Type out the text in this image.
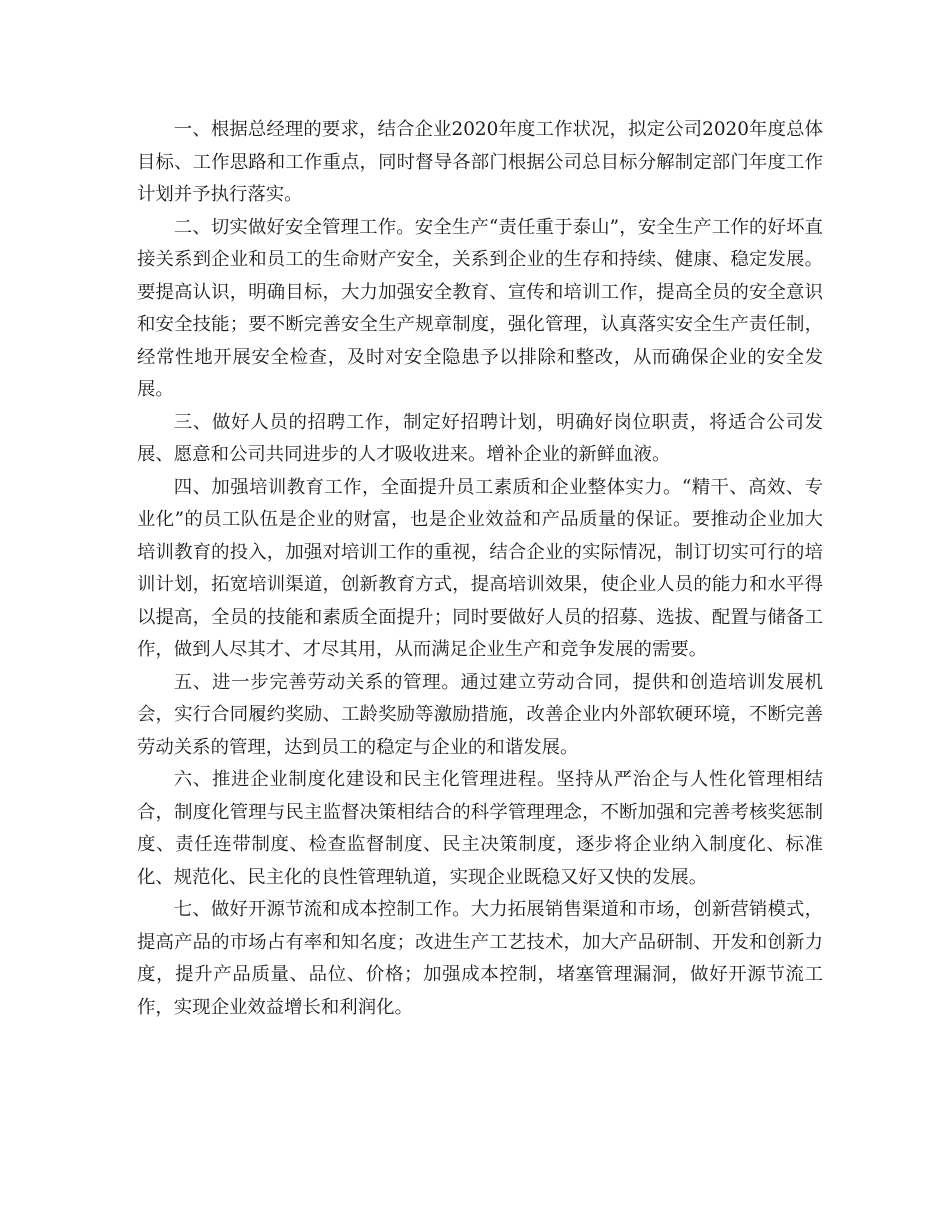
一、根据总经理的要求，结合企业2020年度工作状况，拟定公司2020年度总体目标、工作思路和工作重点，同时督导各部门根据公司总目标分解制定部门年度工作计划并予执行落实。

二、切实做好安全管理工作。安全生产“责任重于泰山”，安全生产工作的好坏直接关系到企业和员工的生命财产安全，关系到企业的生存和持续、健康、稳定发展。要提高认识，明确目标，大力加强安全教育、宣传和培训工作，提高全员的安全意识和安全技能；要不断完善安全生产规章制度，强化管理，认真落实安全生产责任制，经常性地开展安全检查，及时对安全隐患予以排除和整改，从而确保企业的安全发展。

三、做好人员的招聘工作，制定好招聘计划，明确好岗位职责，将适合公司发展、愿意和公司共同进步的人才吸收进来。增补企业的新鲜血液。

四、加强培训教育工作，全面提升员工素质和企业整体实力。“精干、高效、专业化”的员工队伍是企业的财富，也是企业效益和产品质量的保证。要推动企业加大培训教育的投入，加强对培训工作的重视，结合企业的实际情况，制订切实可行的培训计划，拓宽培训渠道，创新教育方式，提高培训效果，使企业人员的能力和水平得以提高，全员的技能和素质全面提升；同时要做好人员的招募、选拔、配置与储备工作，做到人尽其才、才尽其用，从而满足企业生产和竞争发展的需要。

五、进一步完善劳动关系的管理。通过建立劳动合同，提供和创造培训发展机会，实行合同履约奖励、工龄奖励等激励措施，改善企业内外部软硬环境，不断完善劳动关系的管理，达到员工的稳定与企业的和谐发展。

六、推进企业制度化建设和民主化管理进程。坚持从严治企与人性化管理相结合，制度化管理与民主监督决策相结合的科学管理理念，不断加强和完善考核奖惩制度、责任连带制度、检查监督制度、民主决策制度，逐步将企业纳入制度化、标准化、规范化、民主化的良性管理轨道，实现企业既稳又好又快的发展。

七、做好开源节流和成本控制工作。大力拓展销售渠道和市场，创新营销模式，提高产品的市场占有率和知名度；改进生产工艺技术，加大产品研制、开发和创新力度，提升产品质量、品位、价格；加强成本控制，堵塞管理漏洞，做好开源节流工作，实现企业效益增长和利润化。
